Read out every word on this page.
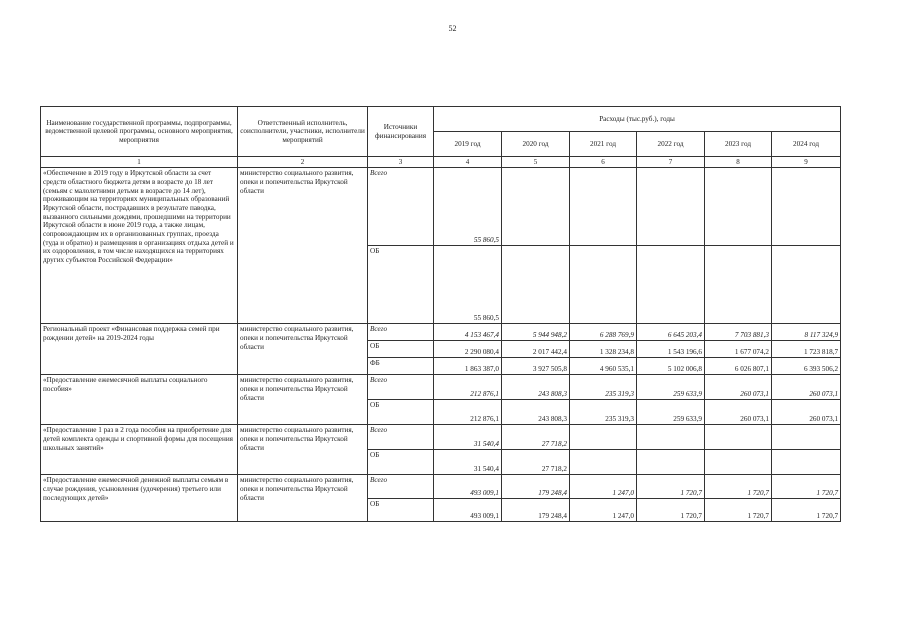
52
Наименование государственной программы, подпрограммы, ведомственной целевой программы, основного мероприятия, мероприятия	Ответственный исполнитель, соисполнители, участники, исполнители мероприятий	Источники финансирования	Расходы (тыс.руб.), годы					
			2019 год	2020 год	2021 год	2022 год	2023 год	2024 год
1	2	3	4	5	6	7	8	9
«Обеспечение в 2019 году в Иркутской области за счет средств областного бюджета детям в возрасте до 18 лет (семьям с малолетними детьми в возрасте до 14 лет), проживающим на территориях муниципальных образований Иркутской области, пострадавших в результате паводка, вызванного сильными дождями, прошедшими на территории Иркутской области в июне 2019 года, а также лицам, сопровождающим их в организованных группах, проезда (туда и обратно) и размещения в организациях отдыха детей и их оздоровления, в том числе находящихся на территориях других субъектов Российской Федерации»	министерство социального развития, опеки и попечительства Иркутской области	Всего	55 860,5					
		ОБ	55 860,5					
Региональный проект «Финансовая поддержка семей при рождении детей» на 2019-2024 годы	министерство социального развития, опеки и попечительства Иркутской области	Всего	4 153 467,4	5 944 948,2	6 288 769,9	6 645 203,4	7 703 881,3	8 117 324,9
		ОБ	2 290 080,4	2 017 442,4	1 328 234,8	1 543 196,6	1 677 074,2	1 723 818,7
		ФБ	1 863 387,0	3 927 505,8	4 960 535,1	5 102 006,8	6 026 807,1	6 393 506,2
«Предоставление ежемесячной выплаты социального пособия»	министерство социального развития, опеки и попечительства Иркутской области	Всего	212 876,1	243 808,3	235 319,3	259 633,9	260 073,1	260 073,1
		ОБ	212 876,1	243 808,3	235 319,3	259 633,9	260 073,1	260 073,1
«Предоставление 1 раз в 2 года пособия на приобретение для детей комплекта одежды и спортивной формы для посещения школьных занятий»	министерство социального развития, опеки и попечительства Иркутской области	Всего	31 540,4	27 718,2				
		ОБ	31 540,4	27 718,2				
«Предоставление ежемесячной денежной выплаты семьям в случае рождения, усыновления (удочерения) третьего или последующих детей»	министерство социального развития, опеки и попечительства Иркутской области	Всего	493 009,1	179 248,4	1 247,0	1 720,7	1 720,7	1 720,7
		ОБ	493 009,1	179 248,4	1 247,0	1 720,7	1 720,7	1 720,7
